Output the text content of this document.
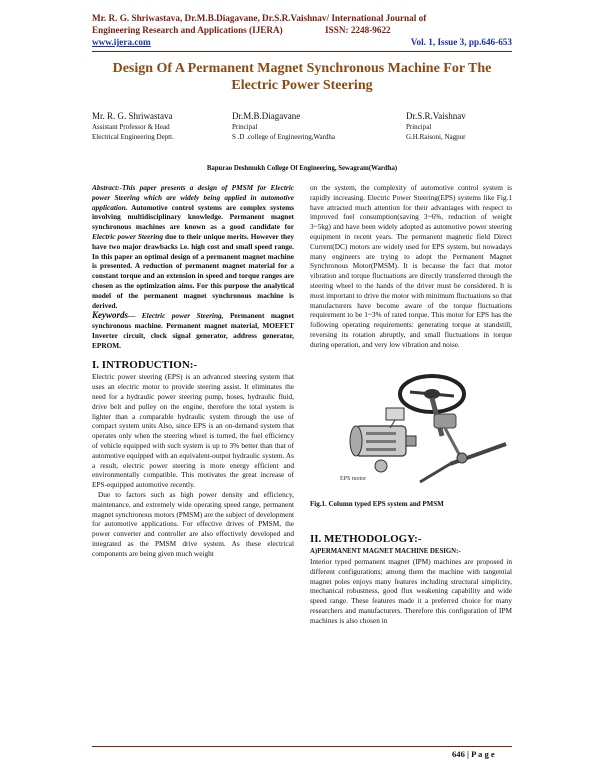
Mr. R. G. Shriwastava, Dr.M.B.Diagavane, Dr.S.R.Vaishnav/ International Journal of
Engineering Research and Applications (IJERA)	ISSN: 2248-9622
www.ijera.com	Vol. 1, Issue 3, pp.646-653
Design Of A Permanent Magnet Synchronous Machine For The Electric Power Steering
Mr. R. G. Shriwastava
Assistant Professor & Head
Electrical Engineering Deptt.
Dr.M.B.Diagavane
Principal
S .D .college of Engineering,Wardha
Dr.S.R.Vaishnav
Principal
G.H.Raisoni, Nagpur
Bapurao Deshmukh College Of Engineering, Sewagram(Wardha)

Abstract:-This paper presents a design of PMSM for Electric power Steering which are widely being applied in automotive application. Automotive control systems are complex systems involving multidisciplinary knowledge. Permanent magnet synchronous machines are known as a good candidate for Electric power Steering due to their unique merits. However they have two major drawbacks i.e. high cost and small speed range. In this paper an optimal design of a permanent magnet machine is presented. A reduction of permanent magnet material for a constant torque and an extension in speed and torque ranges are chosen as the optimization aims. For this purpose the analytical model of the permanent magnet synchronous machine is derived.

Keywords— Electric power Steering, Permanent magnet synchronous machine. Permanent magnet material, MOEFET Inverter circuit, clock signal generator, address generator, EPROM.

I. INTRODUCTION:-

Electric power steering (EPS) is an advanced steering system that uses an electric motor to provide steering assist. It eliminates the need for a hydraulic power steering pump, hoses, hydraulic fluid, drive belt and pulley on the engine, therefore the total system is lighter than a comparable hydraulic system through the use of compact system units Also, since EPS is an on-demand system that operates only when the steering wheel is turned, the fuel efficiency of vehicle equipped with such system is up to 3% better than that of automotive equipped with an equivalent-output hydraulic system. As a result, electric power steering is more energy efficient and environmentally compatible. This motivates the great increase of EPS-equipped automotive recently.

Due to factors such as high power density and efficiency, maintenance, and extremely wide operating speed range, permanent magnet synchronous motors (PMSM) are the subject of development for automotive applications. For effective drives of PMSM, the power converter and controller are also effectively developed and integrated as the PMSM drive system. As these electrical components are being given much weight

on the system, the complexity of automotive control system is rapidly increasing. Electric Power Steering(EPS) systems like Fig.1 have attracted much attention for their advantages with respect to improved fuel consumption(saving 3~6%, reduction of weight 3~5kg) and have been widely adopted as automotive power steering equipment in recent years. The permanent magnetic field Direct Current(DC) motors are widely used for EPS system, but nowadays many engineers are trying to adopt the Permanent Magnet Synchronous Motor(PMSM). It is because the fact that motor vibration and torque fluctuations are directly transferred through the steering wheel to the hands of the driver must be considered. It is most important to drive the motor with minimum fluctuations so that manufacturers have become aware of the torque fluctuations requirement to be 1~3% of rated torque. This motor for EPS has the following operating requirements: generating torque at standstill, reversing its rotation abruptly, and small fluctuations in torque during operation, and very low vibration and noise.

EPS motor

Fig.1. Column typed EPS system and PMSM

II. METHODOLOGY:-

A)PERMANENT MAGNET MACHINE DESIGN:-

Interior typed permanent magnet (IPM) machines are proposed in different configurations; among them the machine with tangential magnet poles enjoys many features including structural simplicity, mechanical robustness, good flux weakening capability and wide speed range. These features made it a preferred choice for many researchers and manufacturers. Therefore this configuration of IPM machines is also chosen in

646 | P a g e
